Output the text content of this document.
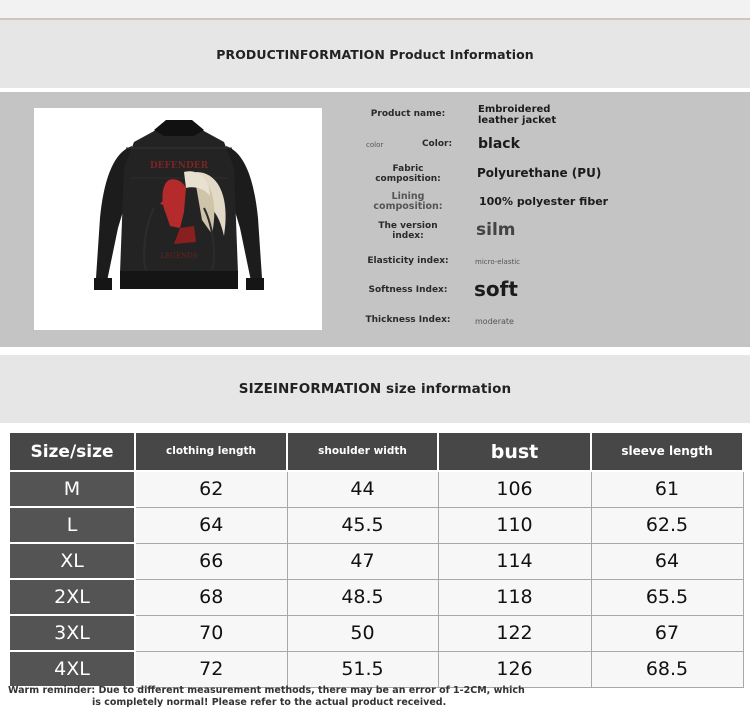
PRODUCTINFORMATION Product Information
DEFENDER
LEGENDS
Product name:	Embroidered leather jacket
color	Color:	black
Fabric composition:	Polyurethane (PU)
Lining composition:	100% polyester fiber
The version index:	silm
Elasticity index:	micro-elastic
Softness Index:	soft
Thickness Index:	moderate
SIZEINFORMATION size information
Size/size	clothing length	shoulder width	bust	sleeve length
M	62	44	106	61
L	64	45.5	110	62.5
XL	66	47	114	64
2XL	68	48.5	118	65.5
3XL	70	50	122	67
4XL	72	51.5	126	68.5
Warm reminder: Due to different measurement methods, there may be an error of 1-2CM, which
is completely normal! Please refer to the actual product received.
